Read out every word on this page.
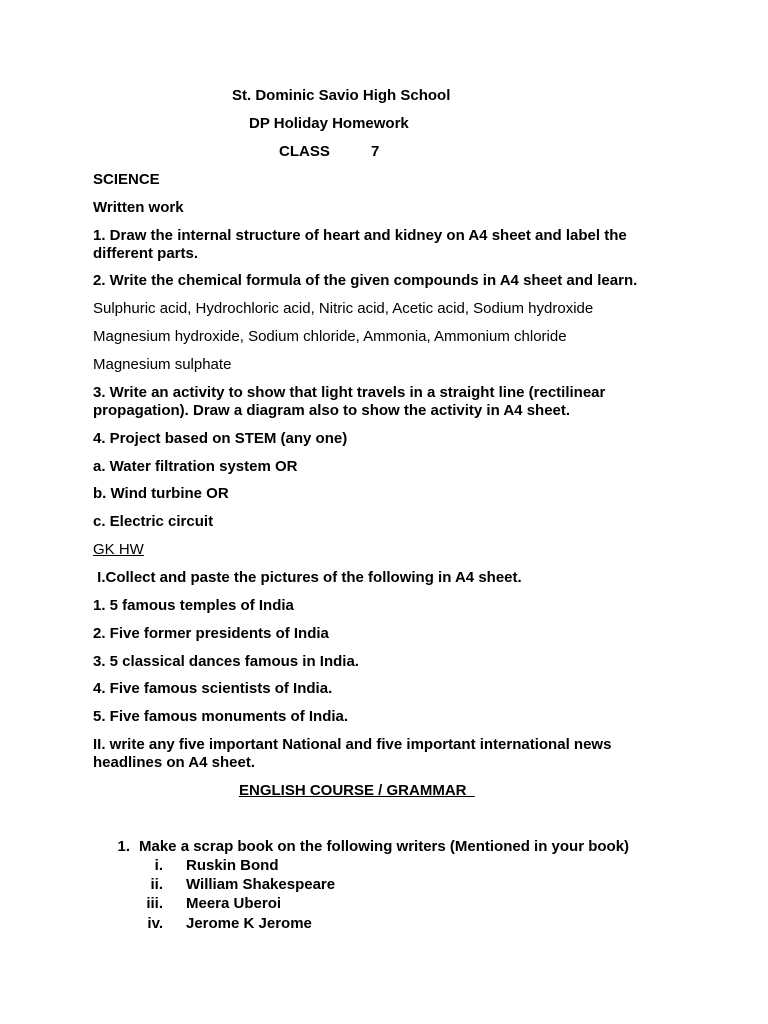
St. Dominic Savio High School

DP Holiday Homework

CLASS	7

SCIENCE

Written work

1. Draw the internal structure of heart and kidney on A4 sheet and label the

different parts.

2. Write the chemical formula of the given compounds in A4 sheet and learn.

Sulphuric acid, Hydrochloric acid, Nitric acid, Acetic acid, Sodium hydroxide

Magnesium hydroxide, Sodium chloride, Ammonia, Ammonium chloride

Magnesium sulphate

3. Write an activity to show that light travels in a straight line (rectilinear

propagation). Draw a diagram also to show the activity in A4 sheet.

4. Project based on STEM (any one)

a. Water filtration system OR

b. Wind turbine OR

c. Electric circuit

GK HW

I.Collect and paste the pictures of the following in A4 sheet.

1. 5 famous temples of India

2. Five former presidents of India

3. 5 classical dances famous in India.

4. Five famous scientists of India.

5. Five famous monuments of India.

II. write any five important National and five important international news

headlines on A4 sheet.

ENGLISH COURSE / GRAMMAR

1. Make a scrap book on the following writers (Mentioned in your book)

i. Ruskin Bond

ii. William Shakespeare

iii. Meera Uberoi

iv. Jerome K Jerome
